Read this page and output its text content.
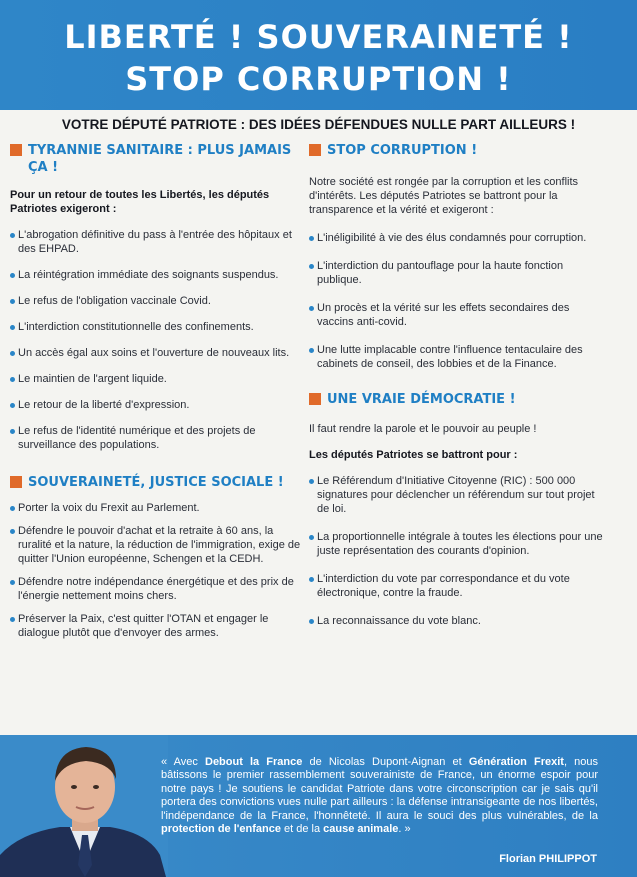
LIBERTÉ ! SOUVERAINETÉ !
STOP CORRUPTION !
VOTRE DÉPUTÉ PATRIOTE : DES IDÉES DÉFENDUES NULLE PART AILLEURS !
TYRANNIE SANITAIRE : PLUS JAMAIS ÇA !
Pour un retour de toutes les Libertés, les députés Patriotes exigeront :
L'abrogation définitive du pass à l'entrée des hôpitaux et des EHPAD.
La réintégration immédiate des soignants suspendus.
Le refus de l'obligation vaccinale Covid.
L'interdiction constitutionnelle des confinements.
Un accès égal aux soins et l'ouverture de nouveaux lits.
Le maintien de l'argent liquide.
Le retour de la liberté d'expression.
Le refus de l'identité numérique et des projets de surveillance des populations.
SOUVERAINETÉ, JUSTICE SOCIALE !
Porter la voix du Frexit au Parlement.
Défendre le pouvoir d'achat et la retraite à 60 ans, la ruralité et la nature, la réduction de l'immigration, exige de quitter l'Union européenne, Schengen et la CEDH.
Défendre notre indépendance énergétique et des prix de l'énergie nettement moins chers.
Préserver la Paix, c'est quitter l'OTAN et engager le dialogue plutôt que d'envoyer des armes.
STOP CORRUPTION !
Notre société est rongée par la corruption et les conflits d'intérêts. Les députés Patriotes se battront pour la transparence et la vérité et exigeront :
L'inéligibilité à vie des élus condamnés pour corruption.
L'interdiction du pantouflage pour la haute fonction publique.
Un procès et la vérité sur les effets secondaires des vaccins anti-covid.
Une lutte implacable contre l'influence tentaculaire des cabinets de conseil, des lobbies et de la Finance.
UNE VRAIE DÉMOCRATIE !
Il faut rendre la parole et le pouvoir au peuple !
Les députés Patriotes se battront pour :
Le Référendum d'Initiative Citoyenne (RIC) : 500 000 signatures pour déclencher un référendum sur tout projet de loi.
La proportionnelle intégrale à toutes les élections pour une juste représentation des courants d'opinion.
L'interdiction du vote par correspondance et du vote électronique, contre la fraude.
La reconnaissance du vote blanc.
« Avec Debout la France de Nicolas Dupont-Aignan et Génération Frexit, nous bâtissons le premier rassemblement souverainiste de France, un énorme espoir pour notre pays ! Je soutiens le candidat Patriote dans votre circonscription car je sais qu'il portera des convictions vues nulle part ailleurs : la défense intransigeante de nos libertés, l'indépendance de la France, l'honnêteté. Il aura le souci des plus vulnérables, de la protection de l'enfance et de la cause animale. »
Florian PHILIPPOT
